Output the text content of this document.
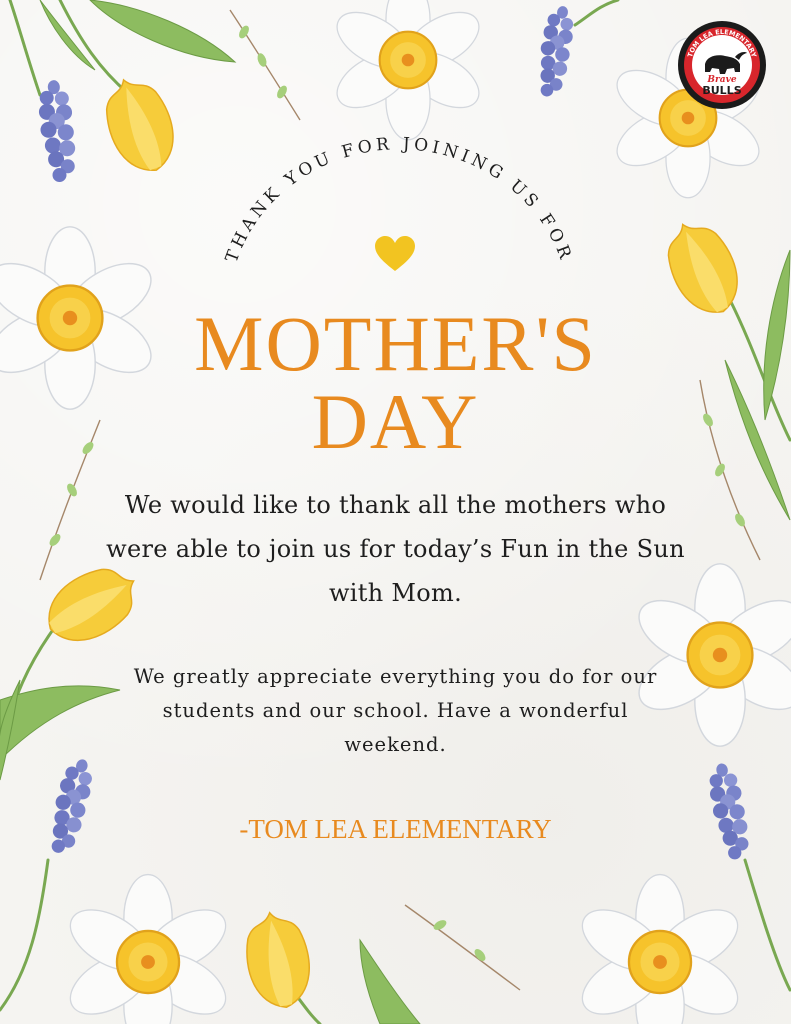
THANK YOU FOR JOINING US FOR
MOTHER'S
DAY
We would like to thank all the mothers who were able to join us for today’s Fun in the Sun with Mom.
We greatly appreciate everything you do for our students and our school. Have a wonderful weekend.
-TOM LEA ELEMENTARY
TOM LEA ELEMENTARY
Brave
BULLS
